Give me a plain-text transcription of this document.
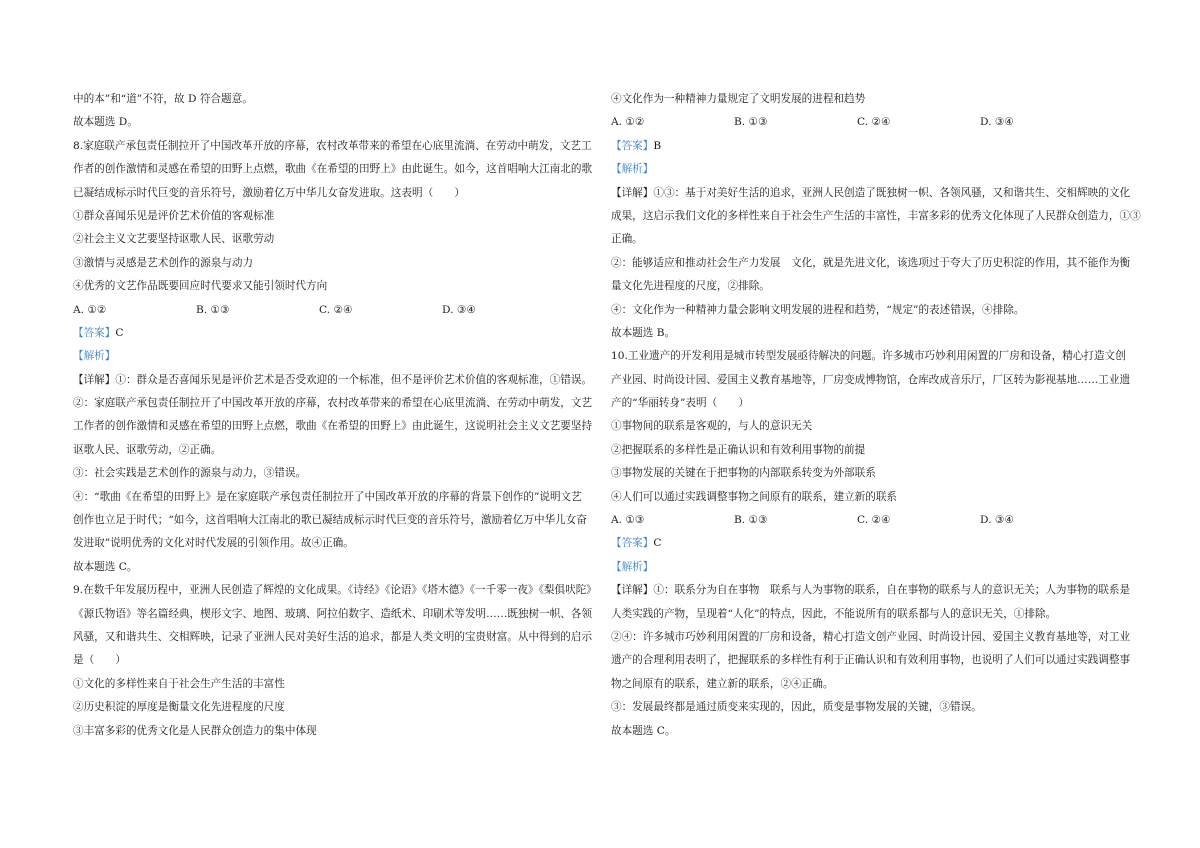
中的本”和“道”不符，故 D 符合题意。
故本题选 D。
8.家庭联产承包责任制拉开了中国改革开放的序幕，农村改革带来的希望在心底里流淌、在劳动中萌发，文艺工
作者的创作激情和灵感在希望的田野上点燃，歌曲《在希望的田野上》由此诞生。如今，这首唱响大江南北的歌
已凝结成标示时代巨变的音乐符号，激励着亿万中华儿女奋发进取。这表明（　　）
①群众喜闻乐见是评价艺术价值的客观标准
②社会主义文艺要坚持讴歌人民、讴歌劳动
③激情与灵感是艺术创作的源泉与动力
④优秀的文艺作品既要回应时代要求又能引领时代方向
A. ①②	B. ①③	C. ②④	D. ③④
【答案】C
【解析】
【详解】①：群众是否喜闻乐见是评价艺术是否受欢迎的一个标准，但不是评价艺术价值的客观标准，①错误。
②：家庭联产承包责任制拉开了中国改革开放的序幕，农村改革带来的希望在心底里流淌、在劳动中萌发，文艺
工作者的创作激情和灵感在希望的田野上点燃，歌曲《在希望的田野上》由此诞生，这说明社会主义文艺要坚持
讴歌人民、讴歌劳动，②正确。
③：社会实践是艺术创作的源泉与动力，③错误。
④：“歌曲《在希望的田野上》是在家庭联产承包责任制拉开了中国改革开放的序幕的背景下创作的”说明文艺
创作也立足于时代；“如今，这首唱响大江南北的歌已凝结成标示时代巨变的音乐符号，激励着亿万中华儿女奋
发进取”说明优秀的文化对时代发展的引领作用。故④正确。
故本题选 C。
9.在数千年发展历程中，亚洲人民创造了辉煌的文化成果。《诗经》《论语》《塔木德》《一千零一夜》《梨俱吠陀》
《源氏物语》等名篇经典，楔形文字、地图、玻璃、阿拉伯数字、造纸术、印刷术等发明……既独树一帜、各领
风骚，又和谐共生、交相辉映，记录了亚洲人民对美好生活的追求，都是人类文明的宝贵财富。从中得到的启示
是（　　）
①文化的多样性来自于社会生产生活的丰富性
②历史积淀的厚度是衡量文化先进程度的尺度
③丰富多彩的优秀文化是人民群众创造力的集中体现
④文化作为一种精神力量规定了文明发展的进程和趋势
A. ①②	B. ①③	C. ②④	D. ③④
【答案】B
【解析】
【详解】①③：基于对美好生活的追求，亚洲人民创造了既独树一帜、各领风骚，又和谐共生、交相辉映的文化
成果，这启示我们文化的多样性来自于社会生产生活的丰富性，丰富多彩的优秀文化体现了人民群众创造力，①③
正确。
②：能够适应和推动社会生产力发展　文化，就是先进文化，该选项过于夸大了历史积淀的作用，其不能作为衡
量文化先进程度的尺度，②排除。
④：文化作为一种精神力量会影响文明发展的进程和趋势，“规定”的表述错误，④排除。
故本题选 B。
10.工业遗产的开发利用是城市转型发展亟待解决的问题。许多城市巧妙利用闲置的厂房和设备，精心打造文创
产业园、时尚设计园、爱国主义教育基地等，厂房变成博物馆，仓库改成音乐厅，厂区转为影视基地……工业遗
产的“华丽转身”表明（　　）
①事物间的联系是客观的，与人的意识无关
②把握联系的多样性是正确认识和有效利用事物的前提
③事物发展的关键在于把事物的内部联系转变为外部联系
④人们可以通过实践调整事物之间原有的联系，建立新的联系
A. ①③	B. ①③	C. ②④	D. ③④
【答案】C
【解析】
【详解】①：联系分为自在事物　联系与人为事物的联系，自在事物的联系与人的意识无关；人为事物的联系是
人类实践的产物，呈现着“人化”的特点，因此，不能说所有的联系都与人的意识无关，①排除。
②④：许多城市巧妙利用闲置的厂房和设备，精心打造文创产业园、时尚设计园、爱国主义教育基地等，对工业
遗产的合理利用表明了，把握联系的多样性有利于正确认识和有效利用事物，也说明了人们可以通过实践调整事
物之间原有的联系，建立新的联系，②④正确。
③：发展最终都是通过质变来实现的，因此，质变是事物发展的关键，③错误。
故本题选 C。
